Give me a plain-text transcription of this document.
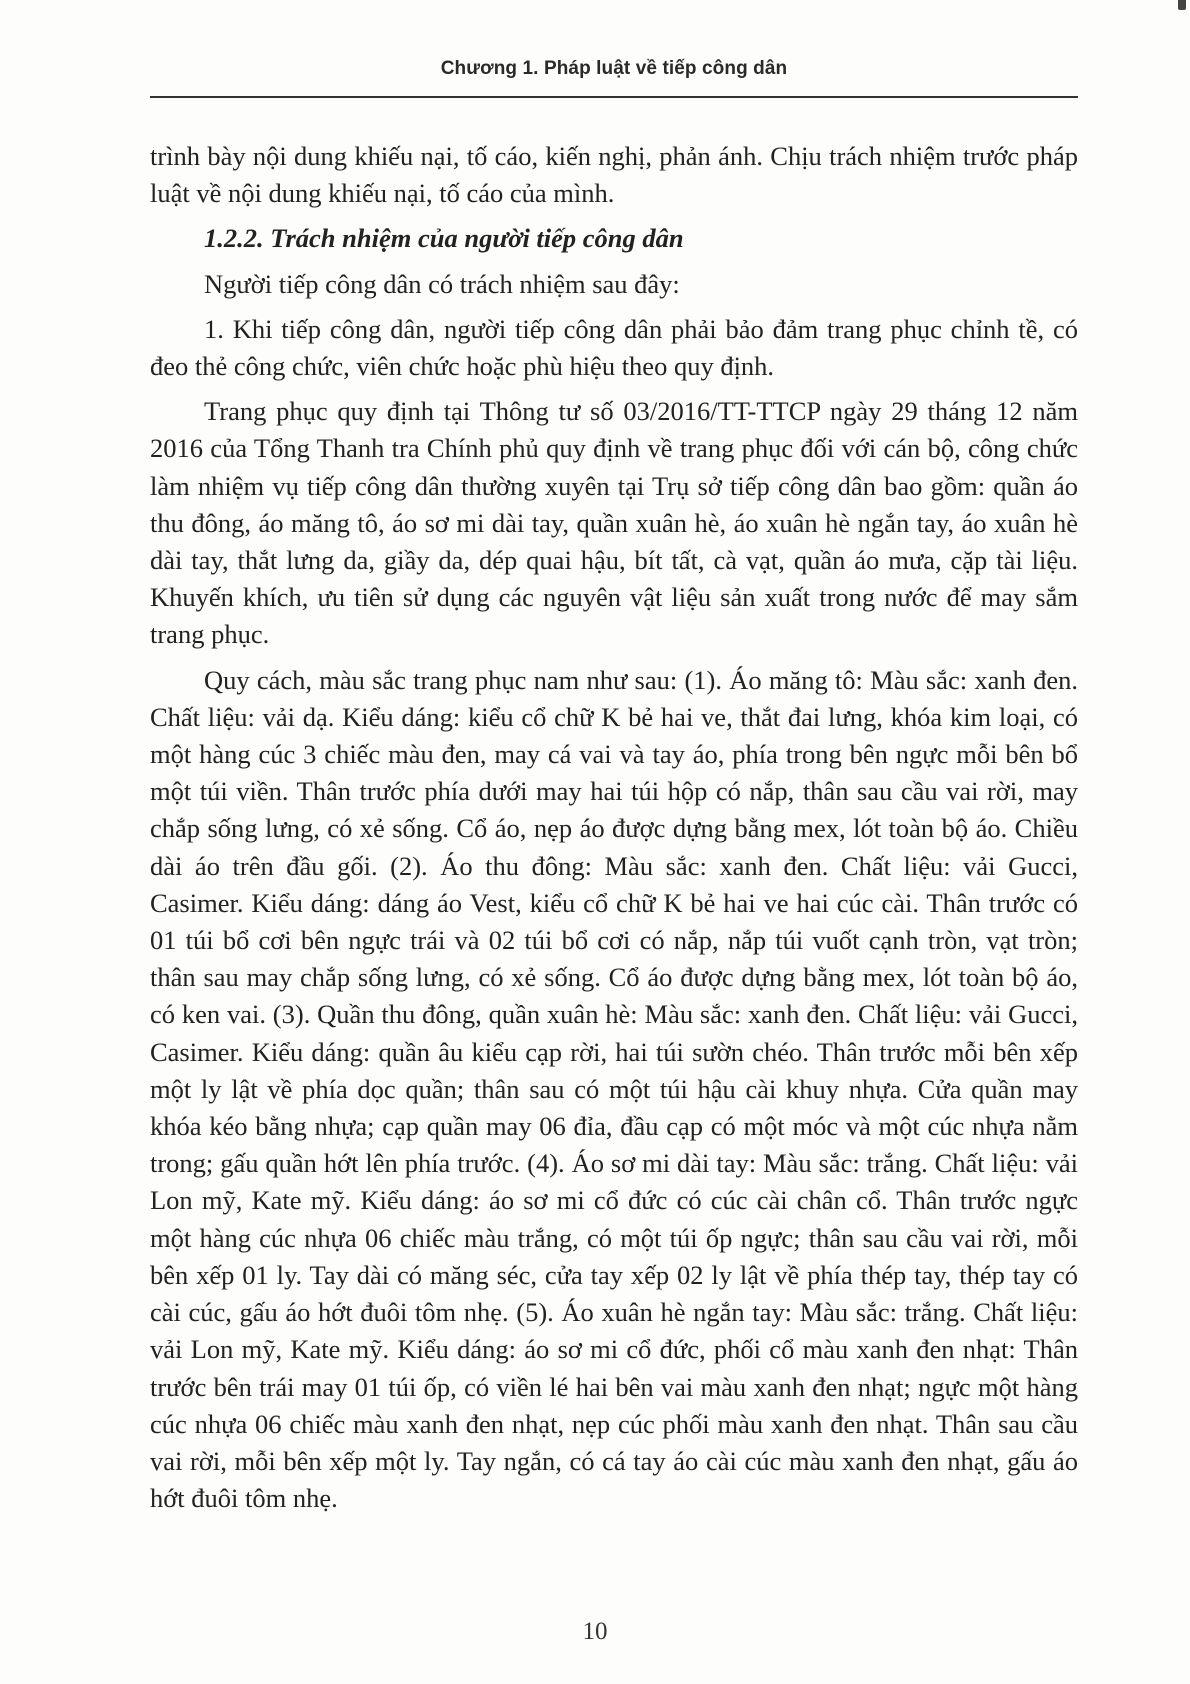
Chương 1. Pháp luật về tiếp công dân

trình bày nội dung khiếu nại, tố cáo, kiến nghị, phản ánh. Chịu trách nhiệm trước pháp luật về nội dung khiếu nại, tố cáo của mình.

1.2.2. Trách nhiệm của người tiếp công dân

Người tiếp công dân có trách nhiệm sau đây:

1. Khi tiếp công dân, người tiếp công dân phải bảo đảm trang phục chỉnh tề, có đeo thẻ công chức, viên chức hoặc phù hiệu theo quy định.

Trang phục quy định tại Thông tư số 03/2016/TT-TTCP ngày 29 tháng 12 năm 2016 của Tổng Thanh tra Chính phủ quy định về trang phục đối với cán bộ, công chức làm nhiệm vụ tiếp công dân thường xuyên tại Trụ sở tiếp công dân bao gồm: quần áo thu đông, áo măng tô, áo sơ mi dài tay, quần xuân hè, áo xuân hè ngắn tay, áo xuân hè dài tay, thắt lưng da, giầy da, dép quai hậu, bít tất, cà vạt, quần áo mưa, cặp tài liệu. Khuyến khích, ưu tiên sử dụng các nguyên vật liệu sản xuất trong nước để may sắm trang phục.

Quy cách, màu sắc trang phục nam như sau: (1). Áo măng tô: Màu sắc: xanh đen. Chất liệu: vải dạ. Kiểu dáng: kiểu cổ chữ K bẻ hai ve, thắt đai lưng, khóa kim loại, có một hàng cúc 3 chiếc màu đen, may cá vai và tay áo, phía trong bên ngực mỗi bên bổ một túi viền. Thân trước phía dưới may hai túi hộp có nắp, thân sau cầu vai rời, may chắp sống lưng, có xẻ sống. Cổ áo, nẹp áo được dựng bằng mex, lót toàn bộ áo. Chiều dài áo trên đầu gối. (2). Áo thu đông: Màu sắc: xanh đen. Chất liệu: vải Gucci, Casimer. Kiểu dáng: dáng áo Vest, kiểu cổ chữ K bẻ hai ve hai cúc cài. Thân trước có 01 túi bổ cơi bên ngực trái và 02 túi bổ cơi có nắp, nắp túi vuốt cạnh tròn, vạt tròn; thân sau may chắp sống lưng, có xẻ sống. Cổ áo được dựng bằng mex, lót toàn bộ áo, có ken vai. (3). Quần thu đông, quần xuân hè: Màu sắc: xanh đen. Chất liệu: vải Gucci, Casimer. Kiểu dáng: quần âu kiểu cạp rời, hai túi sườn chéo. Thân trước mỗi bên xếp một ly lật về phía dọc quần; thân sau có một túi hậu cài khuy nhựa. Cửa quần may khóa kéo bằng nhựa; cạp quần may 06 đỉa, đầu cạp có một móc và một cúc nhựa nằm trong; gấu quần hớt lên phía trước. (4). Áo sơ mi dài tay: Màu sắc: trắng. Chất liệu: vải Lon mỹ, Kate mỹ. Kiểu dáng: áo sơ mi cổ đức có cúc cài chân cổ. Thân trước ngực một hàng cúc nhựa 06 chiếc màu trắng, có một túi ốp ngực; thân sau cầu vai rời, mỗi bên xếp 01 ly. Tay dài có măng séc, cửa tay xếp 02 ly lật về phía thép tay, thép tay có cài cúc, gấu áo hớt đuôi tôm nhẹ. (5). Áo xuân hè ngắn tay: Màu sắc: trắng. Chất liệu: vải Lon mỹ, Kate mỹ. Kiểu dáng: áo sơ mi cổ đức, phối cổ màu xanh đen nhạt: Thân trước bên trái may 01 túi ốp, có viền lé hai bên vai màu xanh đen nhạt; ngực một hàng cúc nhựa 06 chiếc màu xanh đen nhạt, nẹp cúc phối màu xanh đen nhạt. Thân sau cầu vai rời, mỗi bên xếp một ly. Tay ngắn, có cá tay áo cài cúc màu xanh đen nhạt, gấu áo hớt đuôi tôm nhẹ.

10
